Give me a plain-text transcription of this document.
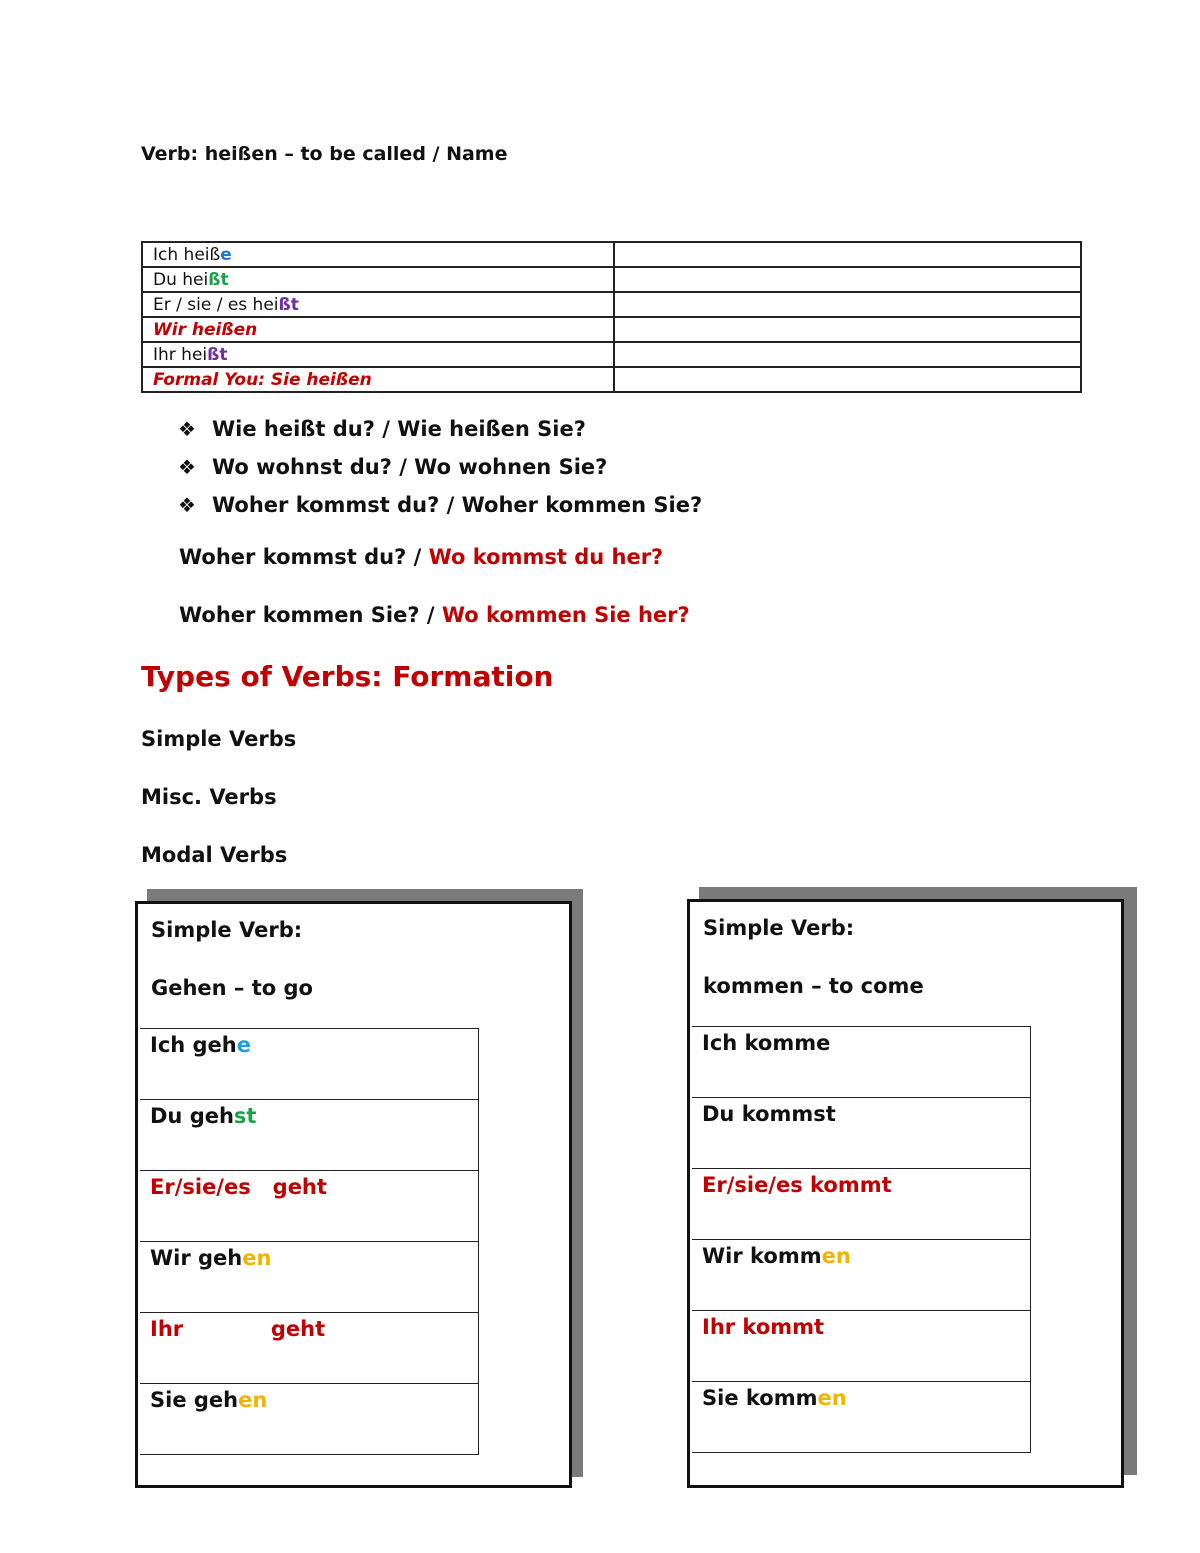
Verb: heißen – to be called / Name
Ich heiße	
Du heißt	
Er / sie / es heißt	
Wir heißen	
Ihr heißt	
Formal You: Sie heißen	
❖ Wie heißt du? / Wie heißen Sie?
❖ Wo wohnst du? / Wo wohnen Sie?
❖ Woher kommst du? / Woher kommen Sie?
Woher kommst du? / Wo kommst du her?
Woher kommen Sie? / Wo kommen Sie her?
Types of Verbs: Formation
Simple Verbs
Misc. Verbs
Modal Verbs
Simple Verb:
Gehen – to go
Ich gehe
Du gehst
Er/sie/es   geht
Wir gehen
Ihr            geht
Sie gehen
Simple Verb:
kommen – to come
Ich komme
Du kommst
Er/sie/es kommt
Wir kommen
Ihr kommt
Sie kommen
